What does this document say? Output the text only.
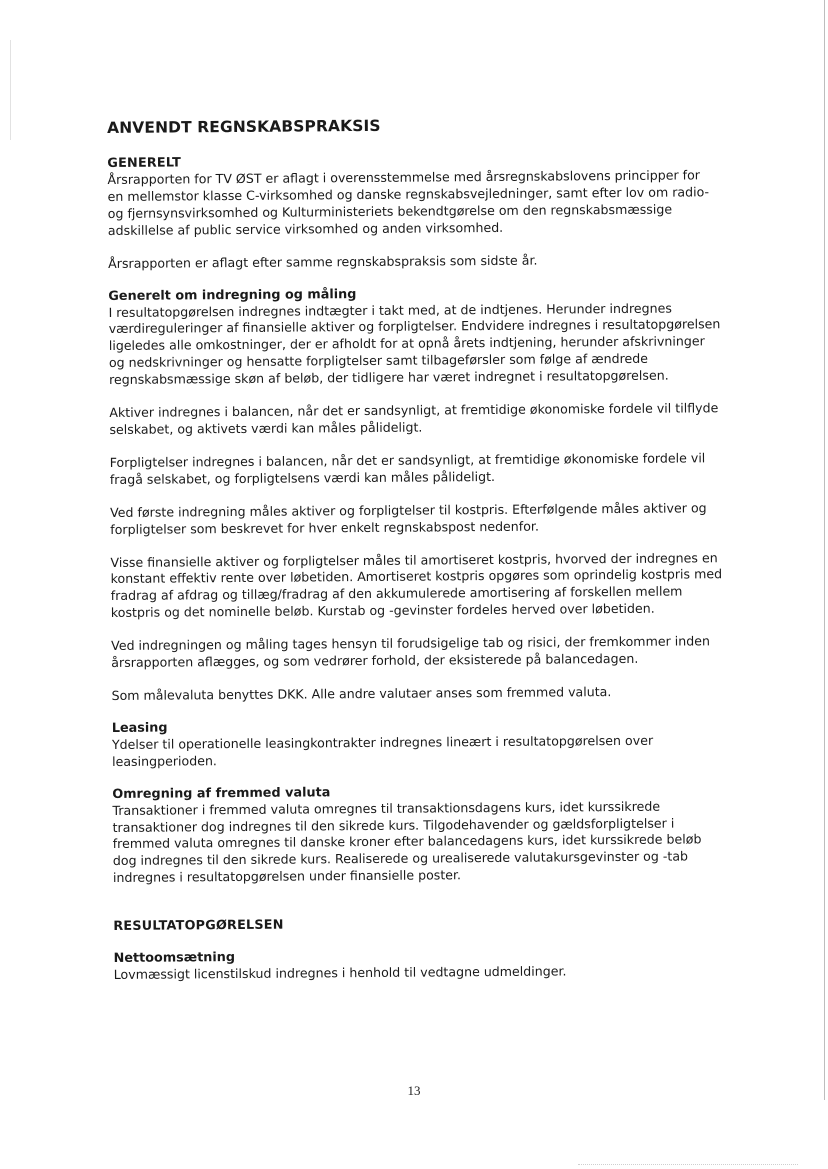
ANVENDT REGNSKABSPRAKSIS
GENERELT

Årsrapporten for TV ØST er aflagt i overensstemmelse med årsregnskabslovens principper for en mellemstor klasse C-virksomhed og danske regnskabsvejledninger, samt efter lov om radio- og fjernsynsvirksomhed og Kulturministeriets bekendtgørelse om den regnskabsmæssige adskillelse af public service virksomhed og anden virksomhed.

Årsrapporten er aflagt efter samme regnskabspraksis som sidste år.

Generelt om indregning og måling

I resultatopgørelsen indregnes indtægter i takt med, at de indtjenes. Herunder indregnes værdireguleringer af finansielle aktiver og forpligtelser. Endvidere indregnes i resultatopgørelsen ligeledes alle omkostninger, der er afholdt for at opnå årets indtjening, herunder afskrivninger og nedskrivninger og hensatte forpligtelser samt tilbageførsler som følge af ændrede regnskabsmæssige skøn af beløb, der tidligere har været indregnet i resultatopgørelsen.

Aktiver indregnes i balancen, når det er sandsynligt, at fremtidige økonomiske fordele vil tilflyde selskabet, og aktivets værdi kan måles pålideligt.

Forpligtelser indregnes i balancen, når det er sandsynligt, at fremtidige økonomiske fordele vil fragå selskabet, og forpligtelsens værdi kan måles pålideligt.

Ved første indregning måles aktiver og forpligtelser til kostpris. Efterfølgende måles aktiver og forpligtelser som beskrevet for hver enkelt regnskabspost nedenfor.

Visse finansielle aktiver og forpligtelser måles til amortiseret kostpris, hvorved der indregnes en konstant effektiv rente over løbetiden. Amortiseret kostpris opgøres som oprindelig kostpris med fradrag af afdrag og tillæg/fradrag af den akkumulerede amortisering af forskellen mellem kostpris og det nominelle beløb. Kurstab og -gevinster fordeles herved over løbetiden.

Ved indregningen og måling tages hensyn til forudsigelige tab og risici, der fremkommer inden årsrapporten aflægges, og som vedrører forhold, der eksisterede på balancedagen.

Som målevaluta benyttes DKK. Alle andre valutaer anses som fremmed valuta.

Leasing

Ydelser til operationelle leasingkontrakter indregnes lineært i resultatopgørelsen over leasingperioden.

Omregning af fremmed valuta

Transaktioner i fremmed valuta omregnes til transaktionsdagens kurs, idet kurssikrede transaktioner dog indregnes til den sikrede kurs. Tilgodehavender og gældsforpligtelser i fremmed valuta omregnes til danske kroner efter balancedagens kurs, idet kurssikrede beløb dog indregnes til den sikrede kurs. Realiserede og urealiserede valutakursgevinster og -tab indregnes i resultatopgørelsen under finansielle poster.

RESULTATOPGØRELSEN
Nettoomsætning

Lovmæssigt licenstilskud indregnes i henhold til vedtagne udmeldinger.

13
